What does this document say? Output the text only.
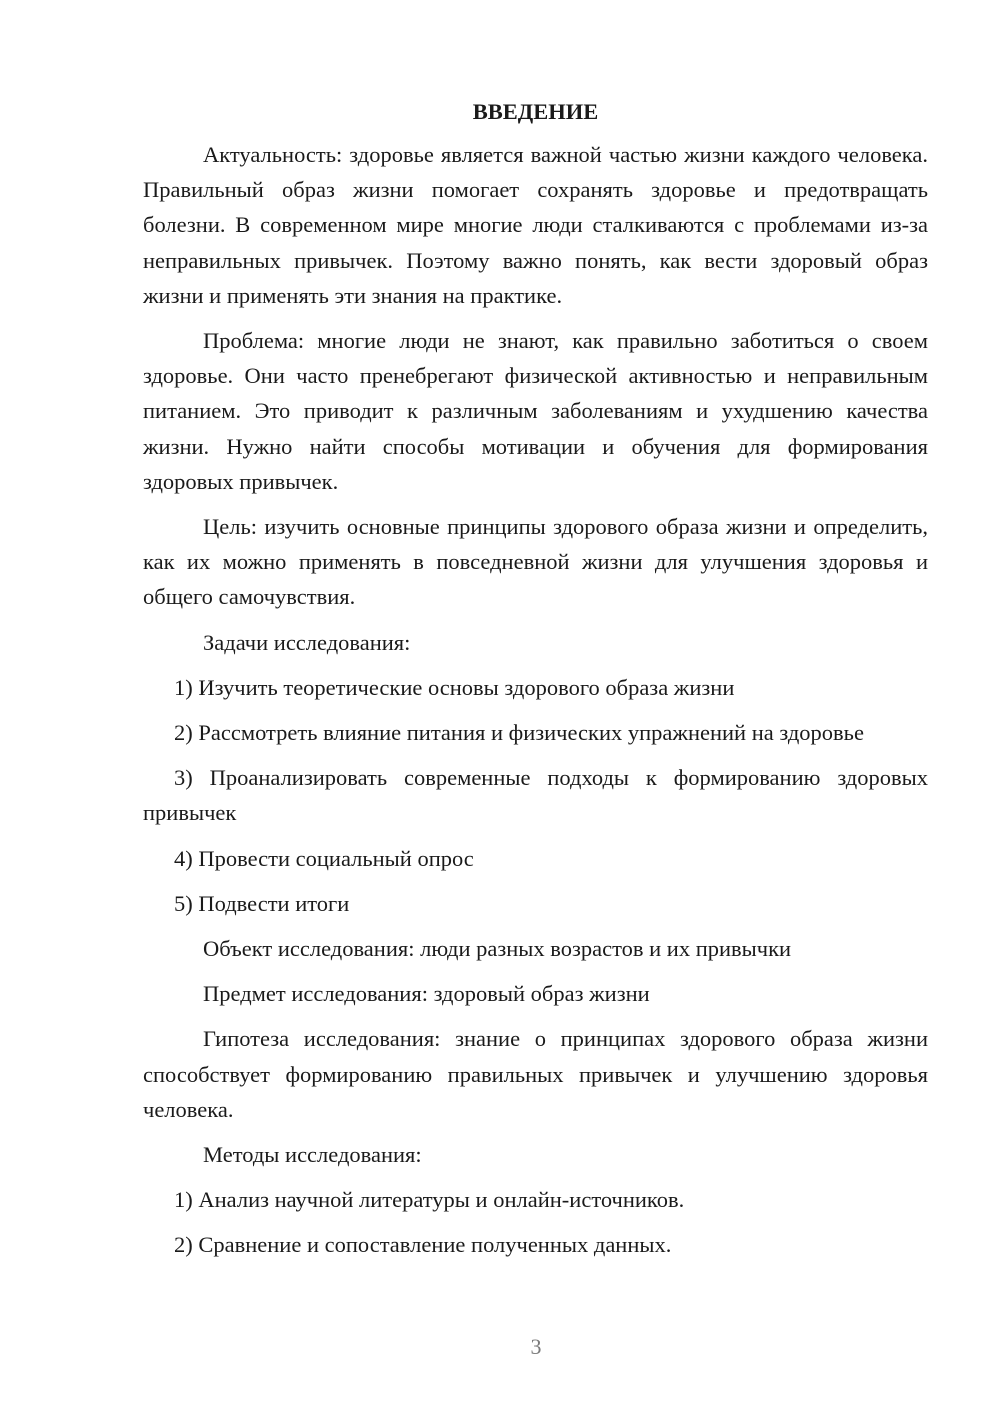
ВВЕДЕНИЕ

Актуальность: здоровье является важной частью жизни каждого человека. Правильный образ жизни помогает сохранять здоровье и предотвращать болезни. В современном мире многие люди сталкиваются с проблемами из-за неправильных привычек. Поэтому важно понять, как вести здоровый образ жизни и применять эти знания на практике.

Проблема: многие люди не знают, как правильно заботиться о своем здоровье. Они часто пренебрегают физической активностью и неправильным питанием. Это приводит к различным заболеваниям и ухудшению качества жизни. Нужно найти способы мотивации и обучения для формирования здоровых привычек.

Цель: изучить основные принципы здорового образа жизни и определить, как их можно применять в повседневной жизни для улучшения здоровья и общего самочувствия.

Задачи исследования:

1) Изучить теоретические основы здорового образа жизни

2) Рассмотреть влияние питания и физических упражнений на здоровье

3) Проанализировать современные подходы к формированию здоровых привычек

4) Провести социальный опрос

5) Подвести итоги

Объект исследования: люди разных возрастов и их привычки

Предмет исследования: здоровый образ жизни

Гипотеза исследования: знание о принципах здорового образа жизни способствует формированию правильных привычек и улучшению здоровья человека.

Методы исследования:

1) Анализ научной литературы и онлайн-источников.

2) Сравнение и сопоставление полученных данных.

3
